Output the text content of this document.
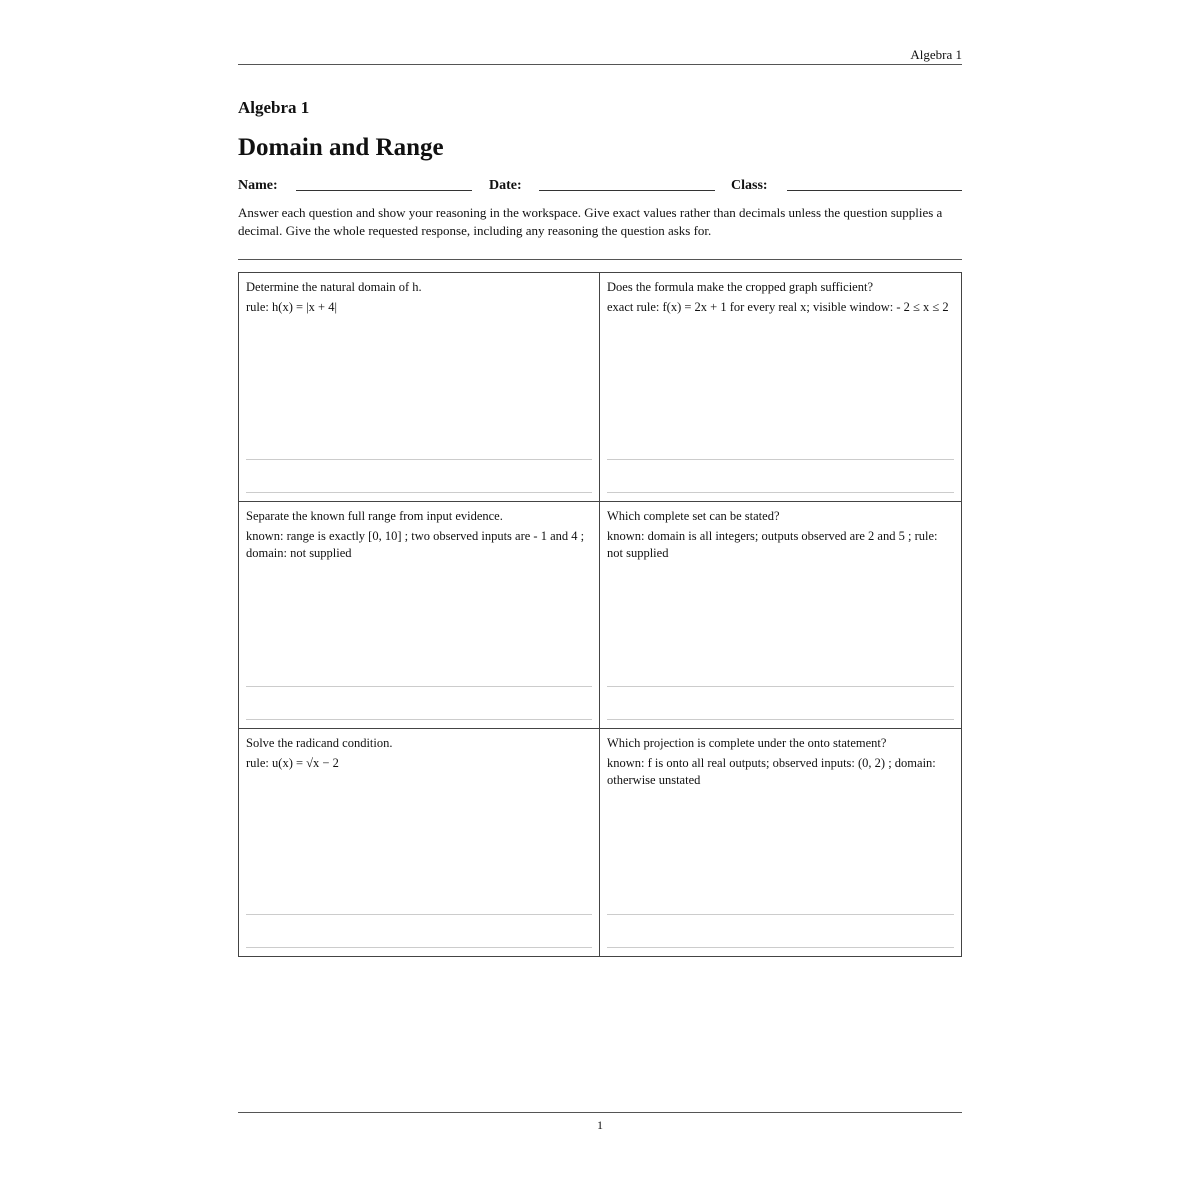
Algebra 1
Algebra 1
Domain and Range
Name:	Date:	Class:
Answer each question and show your reasoning in the workspace. Give exact values rather than decimals unless the question supplies a decimal. Give the whole requested response, including any reasoning the question asks for.
Determine the natural domain of h.
rule: h(x) = |x + 4|
Does the formula make the cropped graph sufficient?
exact rule: f(x) = 2x + 1 for every real x; visible window: - 2 ≤ x ≤ 2
Separate the known full range from input evidence.
known: range is exactly [0, 10] ; two observed inputs are - 1 and 4 ; domain: not supplied
Which complete set can be stated?
known: domain is all integers; outputs observed are 2 and 5 ; rule: not supplied
Solve the radicand condition.
rule: u(x) = √x − 2
Which projection is complete under the onto statement?
known: f is onto all real outputs; observed inputs: (0, 2) ; domain: otherwise unstated
1
